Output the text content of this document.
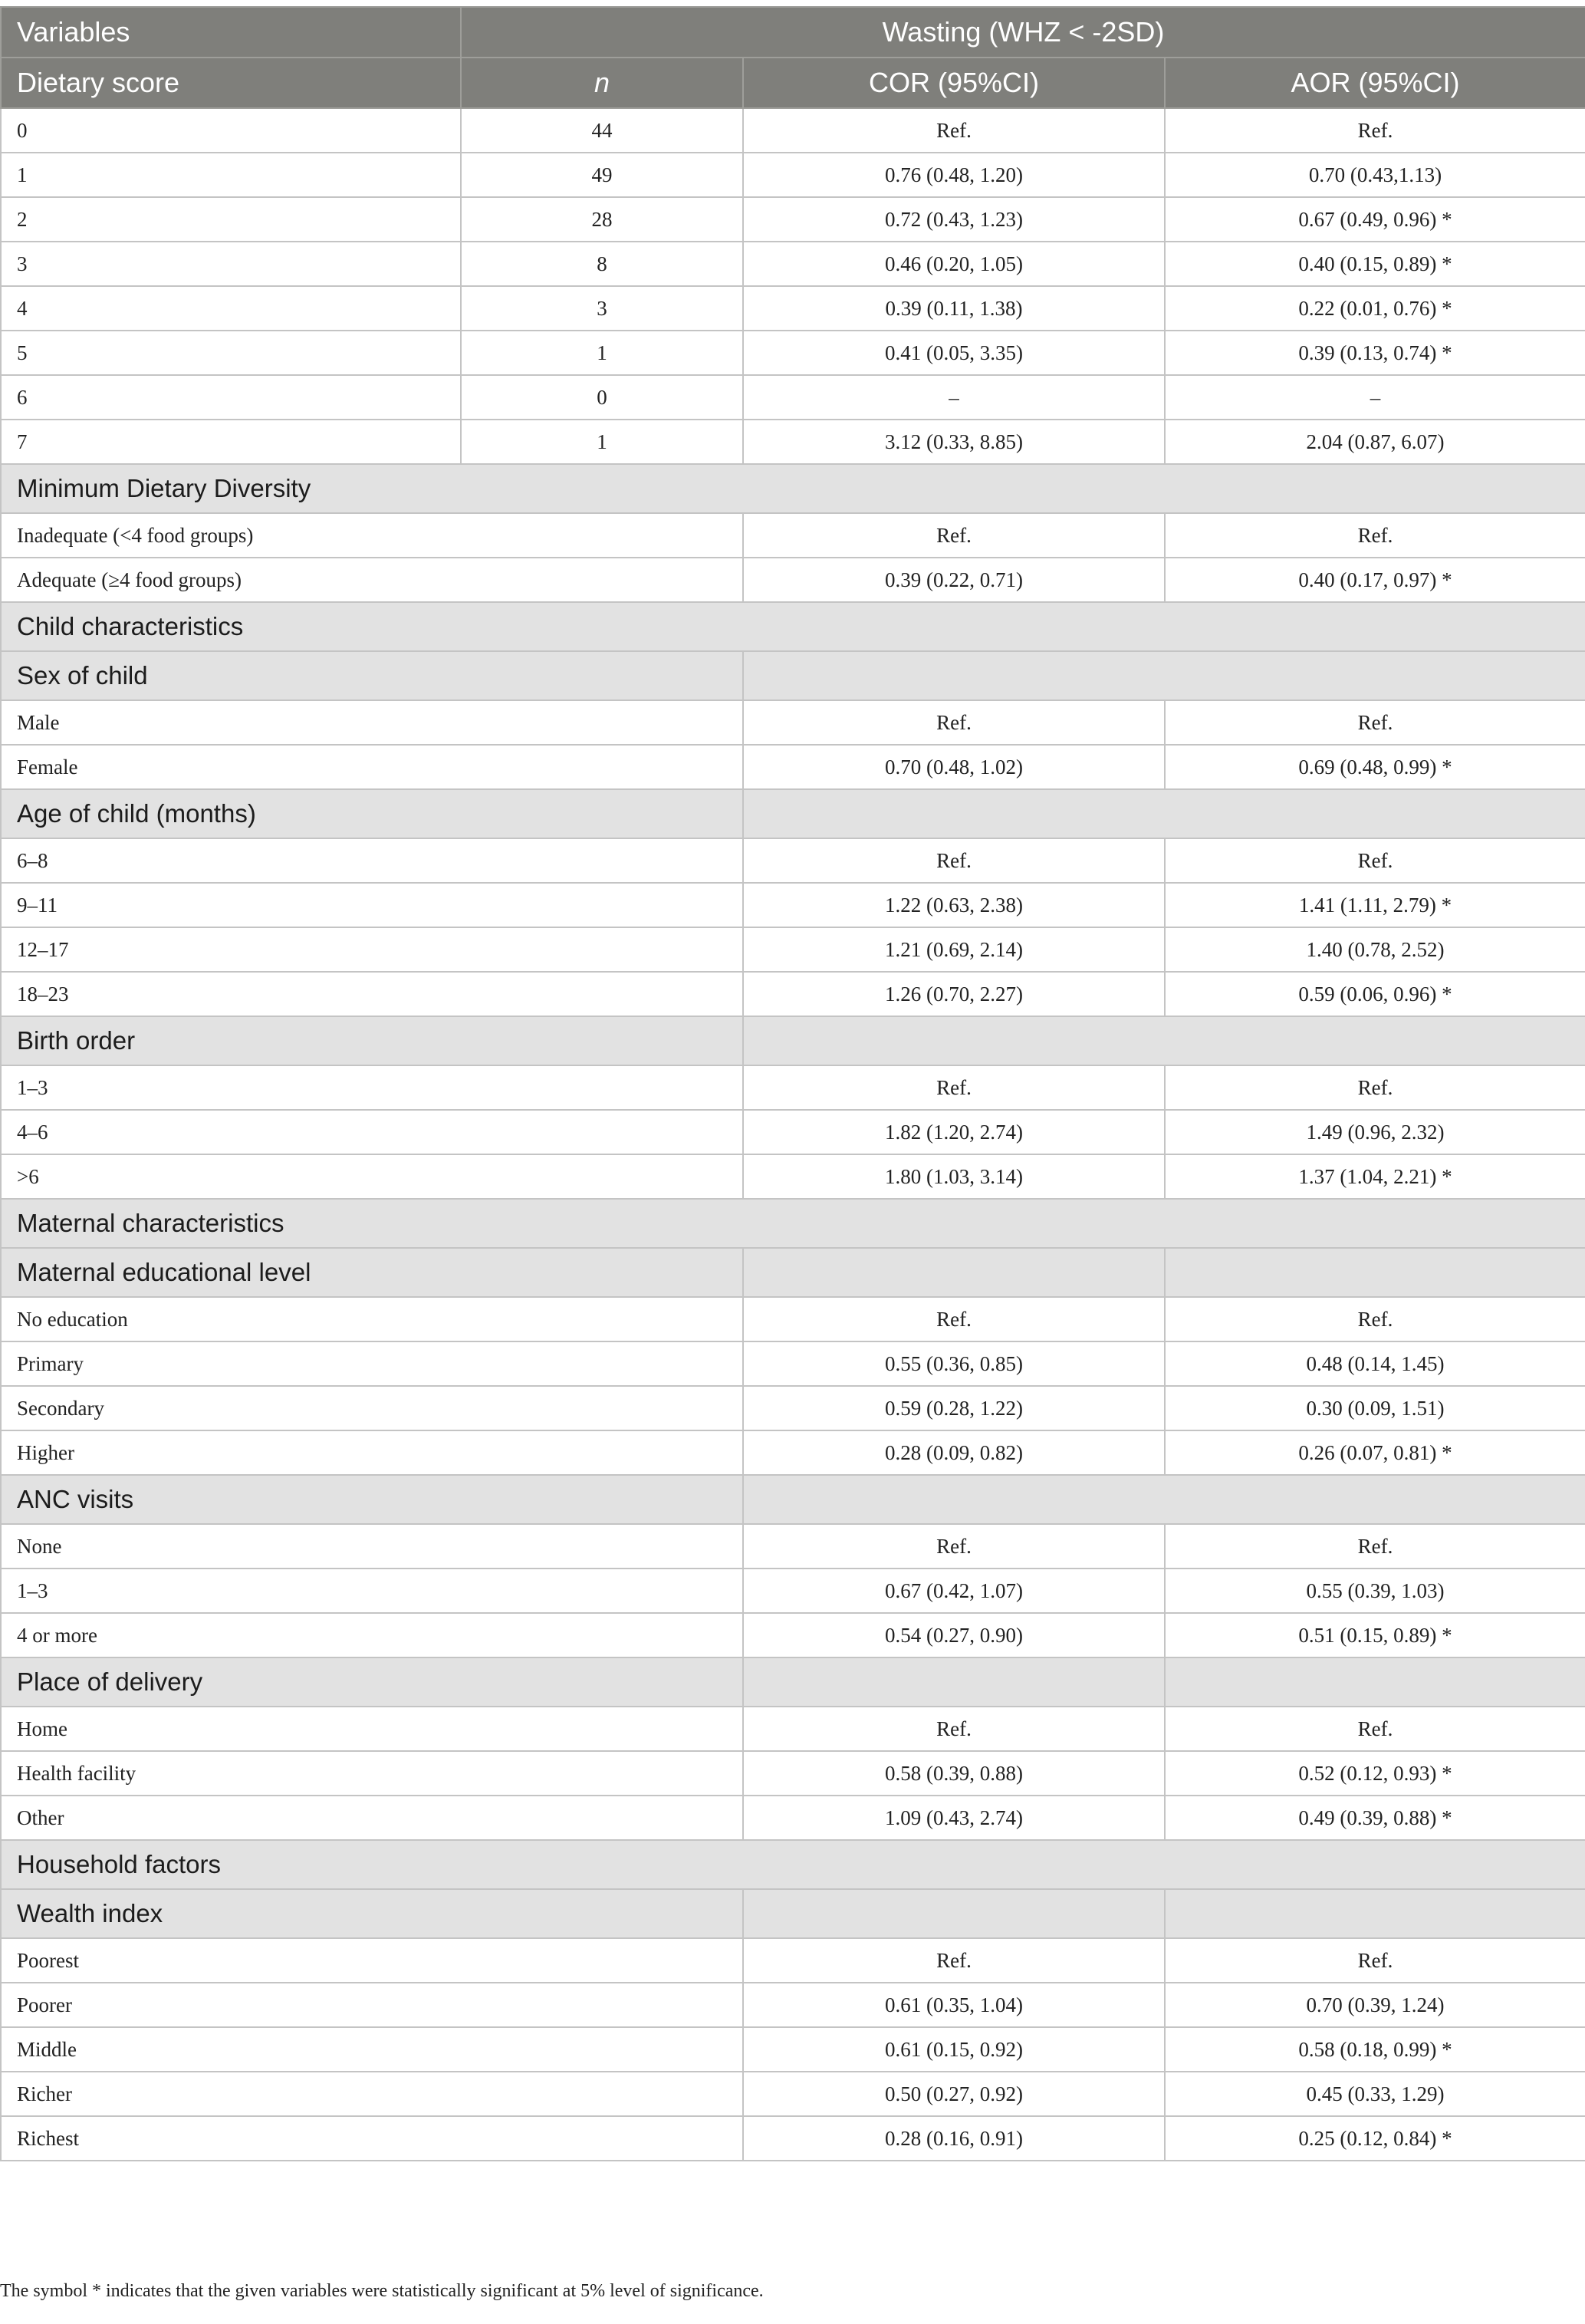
Variables	Wasting (WHZ < -2SD)		
Dietary score	n	COR (95%CI)	AOR (95%CI)
0	44	Ref.	Ref.
1	49	0.76 (0.48, 1.20)	0.70 (0.43,1.13)
2	28	0.72 (0.43, 1.23)	0.67 (0.49, 0.96) *
3	8	0.46 (0.20, 1.05)	0.40 (0.15, 0.89) *
4	3	0.39 (0.11, 1.38)	0.22 (0.01, 0.76) *
5	1	0.41 (0.05, 3.35)	0.39 (0.13, 0.74) *
6	0	–	–
7	1	3.12 (0.33, 8.85)	2.04 (0.87, 6.07)
Minimum Dietary Diversity			
Inadequate (<4 food groups)		Ref.	Ref.
Adequate (≥4 food groups)		0.39 (0.22, 0.71)	0.40 (0.17, 0.97) *
Child characteristics			
Sex of child			
Male		Ref.	Ref.
Female		0.70 (0.48, 1.02)	0.69 (0.48, 0.99) *
Age of child (months)			
6–8		Ref.	Ref.
9–11		1.22 (0.63, 2.38)	1.41 (1.11, 2.79) *
12–17		1.21 (0.69, 2.14)	1.40 (0.78, 2.52)
18–23		1.26 (0.70, 2.27)	0.59 (0.06, 0.96) *
Birth order			
1–3		Ref.	Ref.
4–6		1.82 (1.20, 2.74)	1.49 (0.96, 2.32)
>6		1.80 (1.03, 3.14)	1.37 (1.04, 2.21) *
Maternal characteristics			
Maternal educational level			
No education		Ref.	Ref.
Primary		0.55 (0.36, 0.85)	0.48 (0.14, 1.45)
Secondary		0.59 (0.28, 1.22)	0.30 (0.09, 1.51)
Higher		0.28 (0.09, 0.82)	0.26 (0.07, 0.81) *
ANC visits			
None		Ref.	Ref.
1–3		0.67 (0.42, 1.07)	0.55 (0.39, 1.03)
4 or more		0.54 (0.27, 0.90)	0.51 (0.15, 0.89) *
Place of delivery			
Home		Ref.	Ref.
Health facility		0.58 (0.39, 0.88)	0.52 (0.12, 0.93) *
Other		1.09 (0.43, 2.74)	0.49 (0.39, 0.88) *
Household factors			
Wealth index			
Poorest		Ref.	Ref.
Poorer		0.61 (0.35, 1.04)	0.70 (0.39, 1.24)
Middle		0.61 (0.15, 0.92)	0.58 (0.18, 0.99) *
Richer		0.50 (0.27, 0.92)	0.45 (0.33, 1.29)
Richest		0.28 (0.16, 0.91)	0.25 (0.12, 0.84) *
The symbol * indicates that the given variables were statistically significant at 5% level of significance.
